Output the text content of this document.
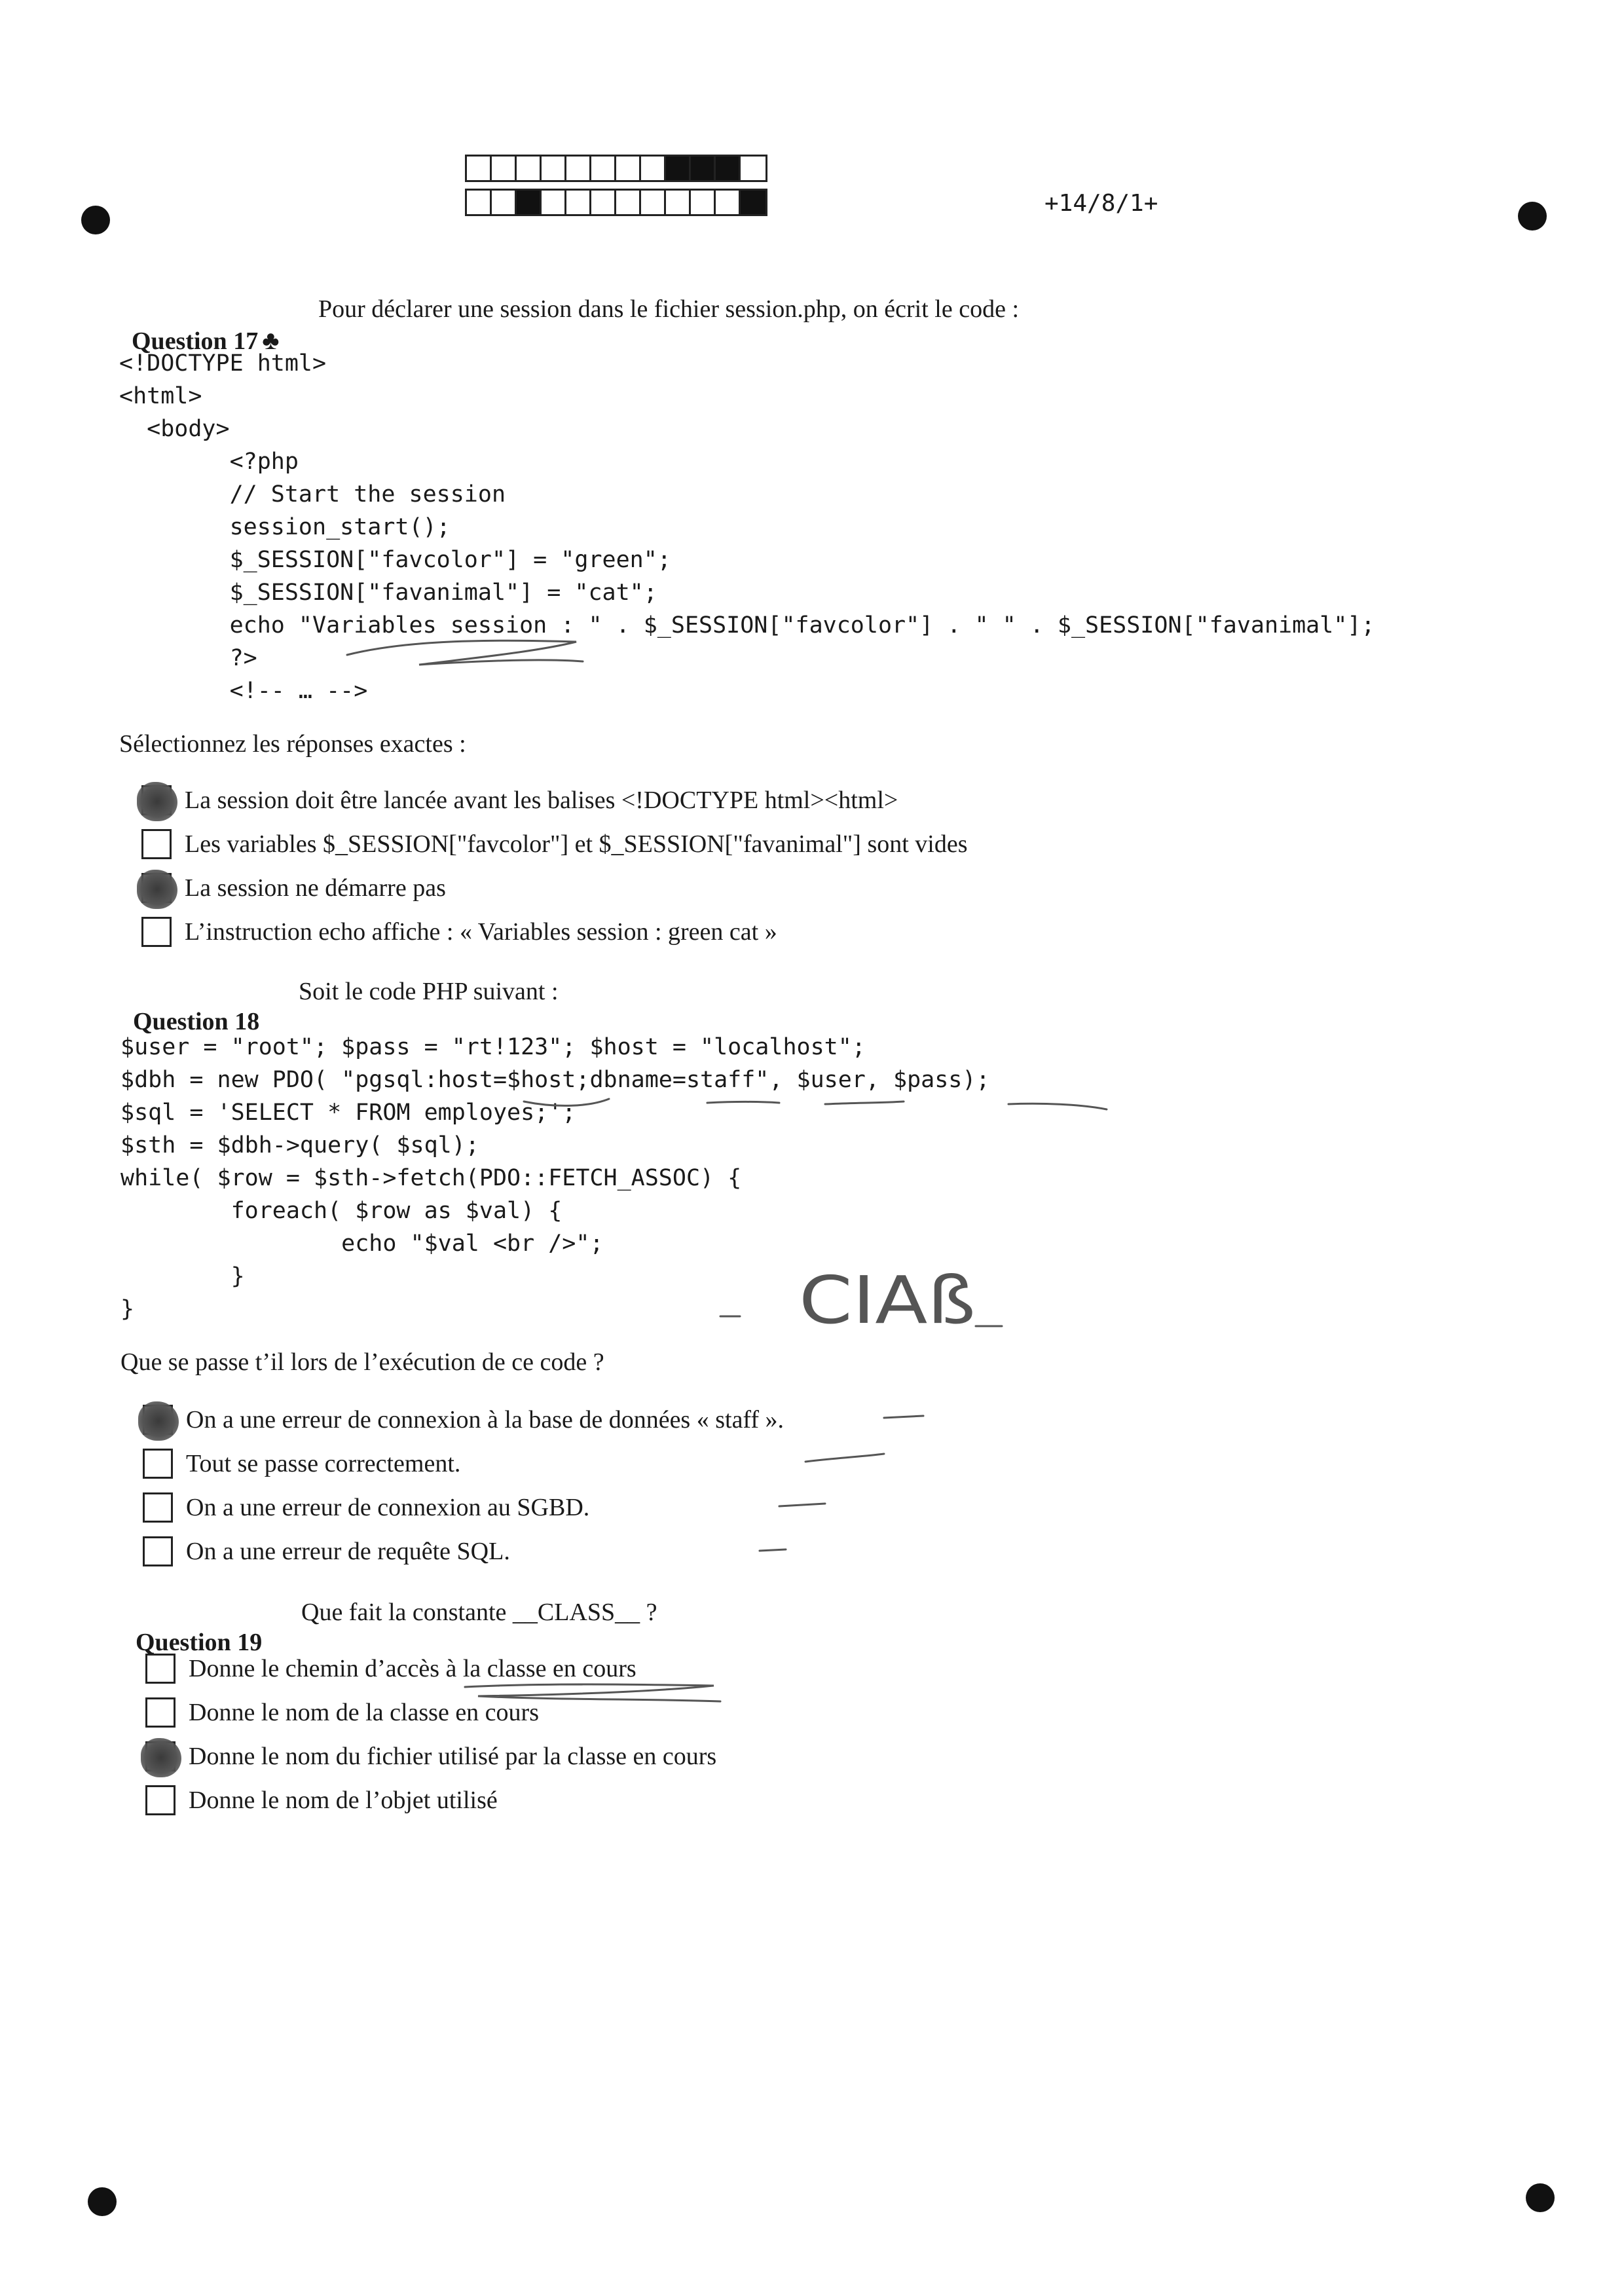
+14/8/1+

Question 17 ♣

Pour déclarer une session dans le fichier session.php, on écrit le code :
<!DOCTYPE html>
<html>
<body>
<?php
// Start the session
session_start();
$_SESSION["favcolor"] = "green";
$_SESSION["favanimal"] = "cat";
echo "Variables session : " . $_SESSION["favcolor"] . " " . $_SESSION["favanimal"];
?>
<!-- … -->
Sélectionnez les réponses exactes :
La session doit être lancée avant les balises <!DOCTYPE html><html>
Les variables $_SESSION["favcolor"] et $_SESSION["favanimal"] sont vides
La session ne démarre pas
L’instruction echo affiche : « Variables session : green cat »

Question 18

Soit le code PHP suivant :
$user = "root"; $pass = "rt!123"; $host = "localhost";
$dbh = new PDO( "pgsql:host=$host;dbname=staff", $user, $pass);
$sql = 'SELECT * FROM employes;';
$sth = $dbh->query( $sql);
while( $row = $sth->fetch(PDO::FETCH_ASSOC) {
foreach( $row as $val) {
echo "$val <br />";
}
}
Que se passe t’il lors de l’exécution de ce code ?
On a une erreur de connexion à la base de données « staff ».
Tout se passe correctement.
On a une erreur de connexion au SGBD.
On a une erreur de requête SQL.

Question 19

Que fait la constante __CLASS__ ?
Donne le chemin d’accès à la classe en cours
Donne le nom de la classe en cours
Donne le nom du fichier utilisé par la classe en cours
Donne le nom de l’objet utilisé
CIAß
